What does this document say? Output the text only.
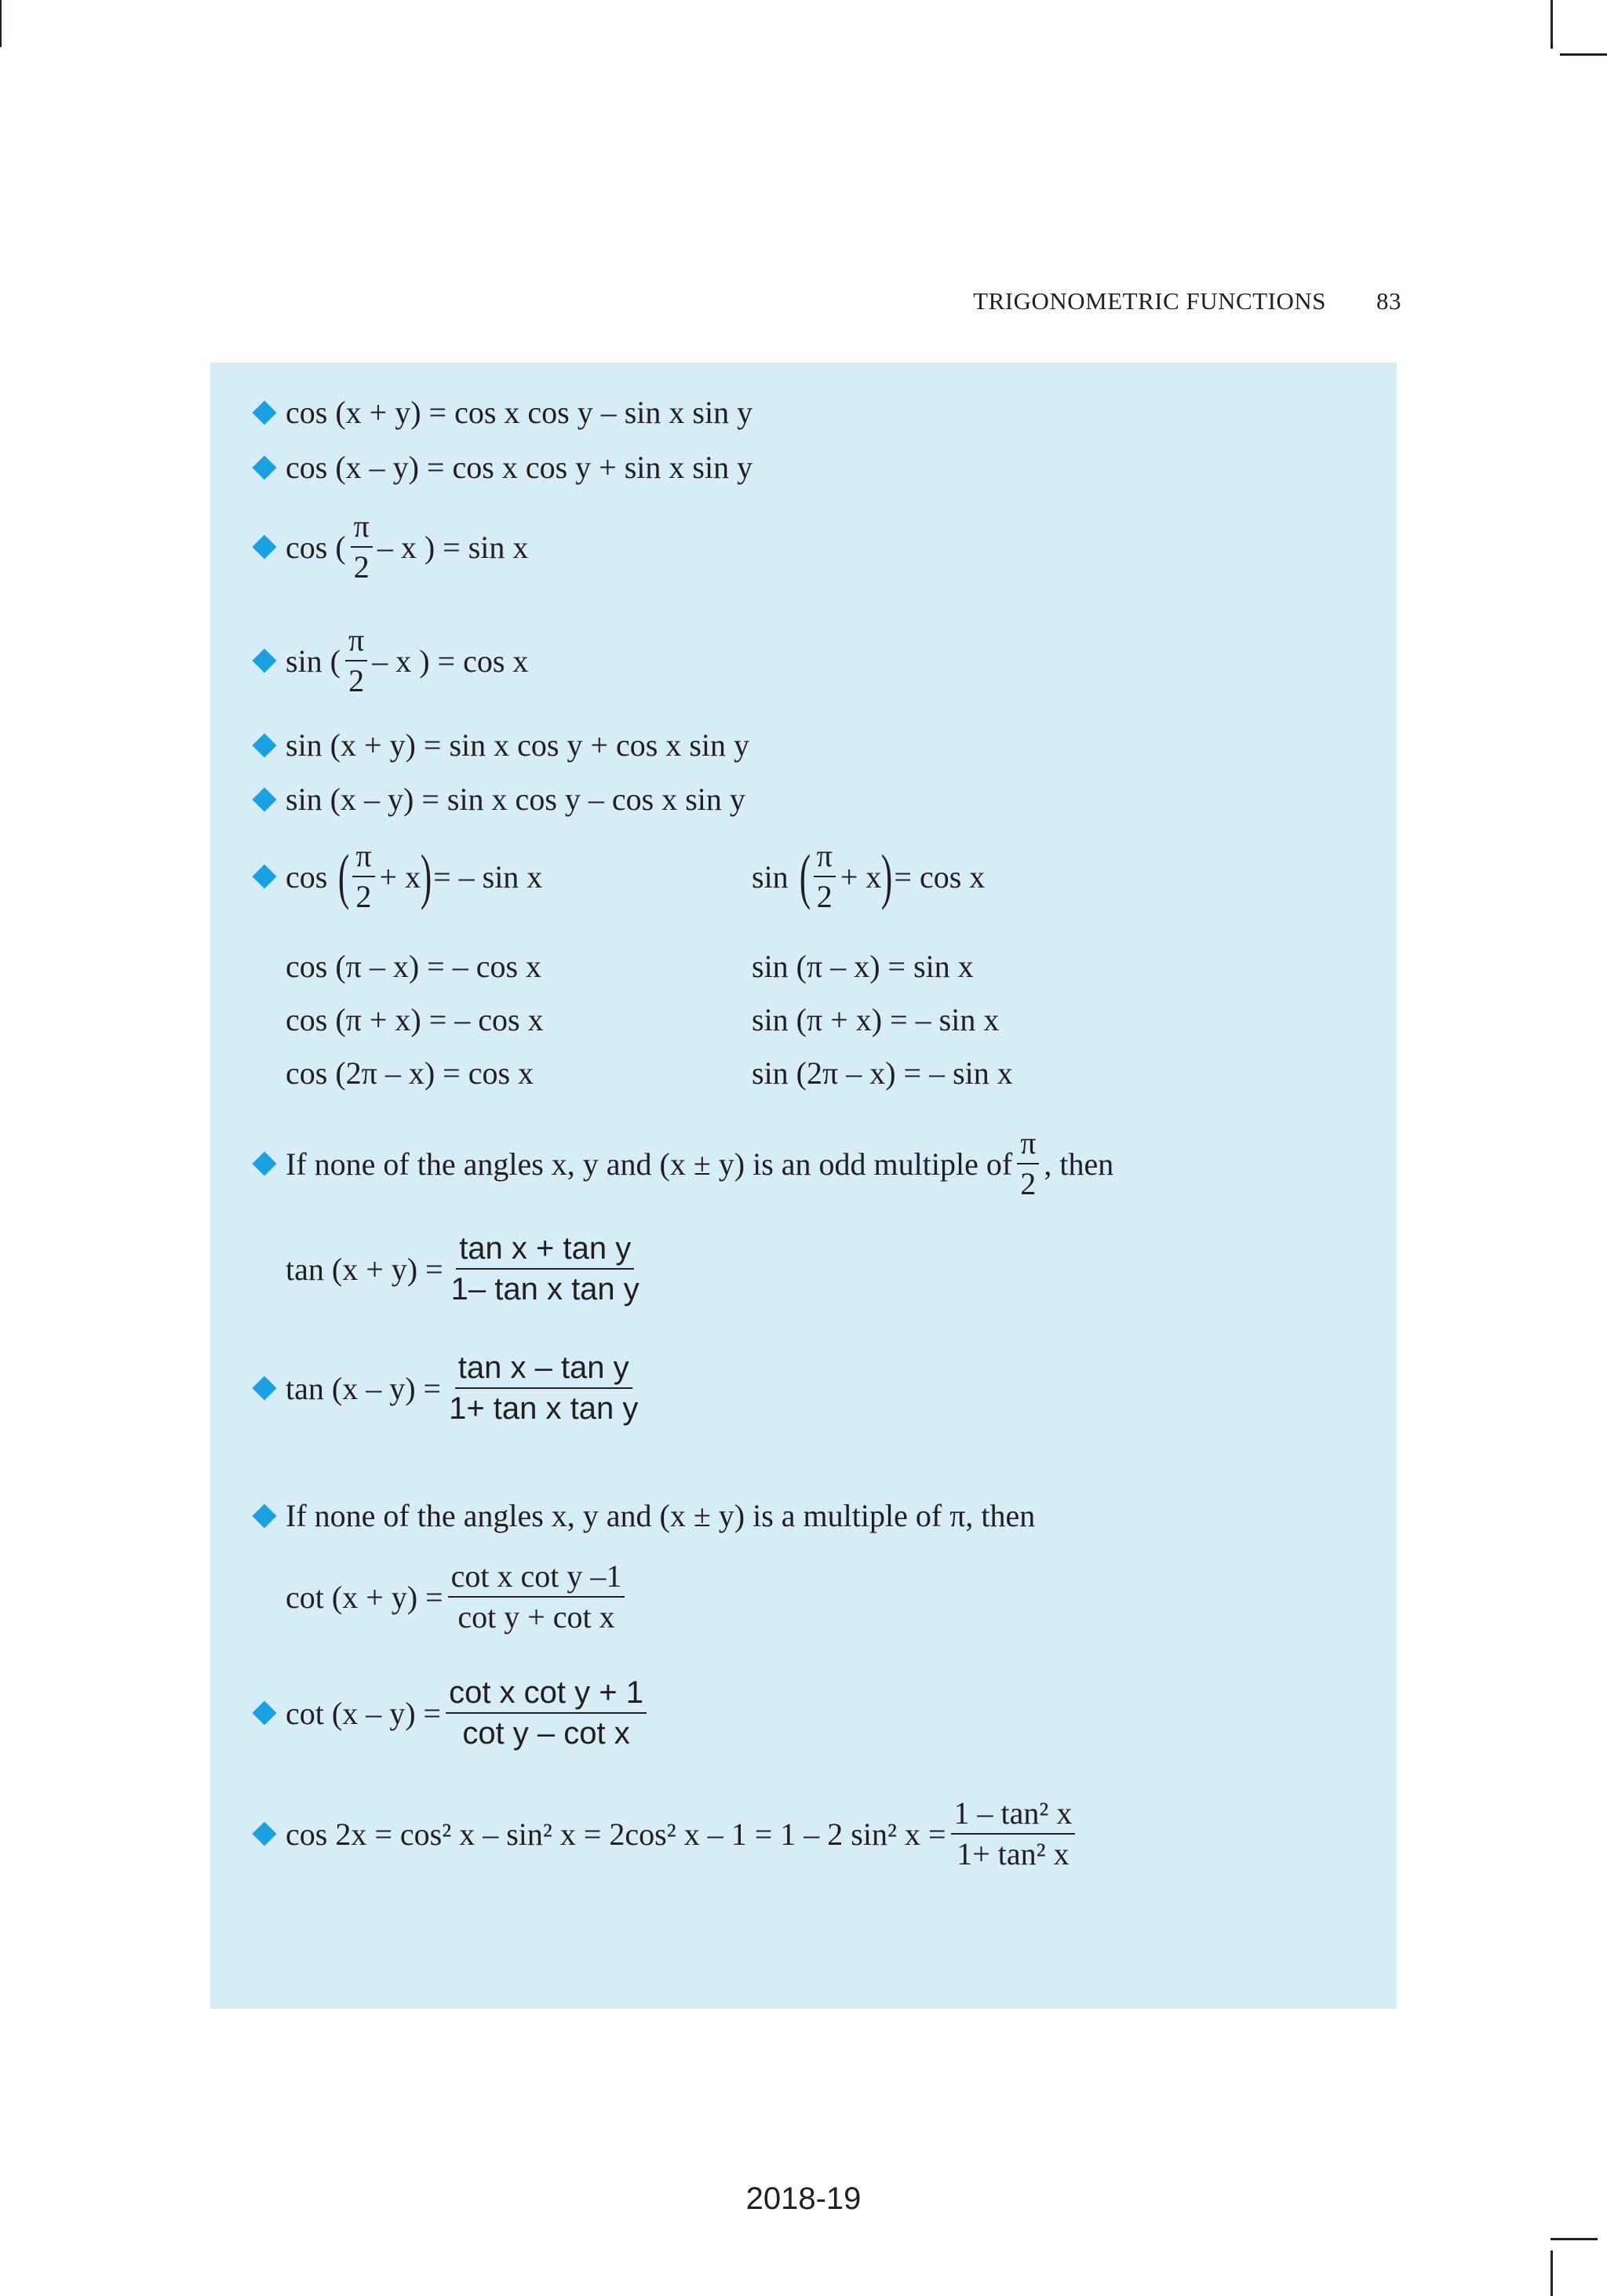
TRIGONOMETRIC FUNCTIONS 83
cos (x + y) = cos x cos y – sin x sin y
cos (x – y) = cos x cos y + sin x sin y
cos ( $\frac{\pi}{2}$ – x ) = sin x
sin ( $\frac{\pi}{2}$ – x ) = cos x
sin (x + y) = sin x cos y + cos x sin y
sin (x – y) = sin x cos y – cos x sin y
cos ( $\frac{\pi}{2} + x$ ) = – sin x	sin ( $\frac{\pi}{2} + x$ ) = cos x
cos (π – x) = – cos x	sin (π – x) = sin x
cos (π + x) = – cos x	sin (π + x) = – sin x
cos (2π – x) = cos x	sin (2π – x) = – sin x
If none of the angles x, y and (x ± y) is an odd multiple of $\frac{\pi}{2}$ , then
$\tan (x + y) = \frac{\text{tan x + tan y}}{\text{1– tan x tan y}}$
$\tan (x - y) = \frac{\text{tan x – tan y}}{\text{1+ tan x tan y}}$
If none of the angles x, y and (x ± y) is a multiple of π, then
$\cot (x + y) = \frac{\text{cot x cot y –1}}{\text{cot y + cot x}}$
$\cot (x - y) = \frac{\text{cot x cot y + 1}}{\text{cot y – cot x}}$
cos 2x = cos² x – sin² x = 2cos² x – 1 = 1 – 2 sin² $x = \frac{\text{1 – tan² x}}{\text{1+ tan² x}}$
2018-19
